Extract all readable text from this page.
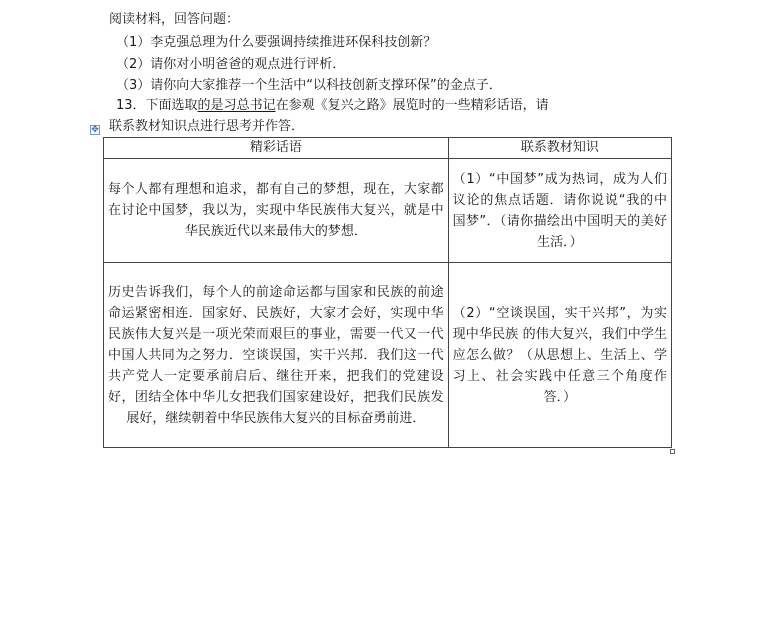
阅读材料，回答问题：
（1）李克强总理为什么要强调持续推进环保科技创新？
（2）请你对小明爸爸的观点进行评析．
（3）请你向大家推荐一个生活中“以科技创新支撑环保”的金点子．
13．下面选取的是习总书记在参观《复兴之路》展览时的一些精彩话语，请
联系教材知识点进行思考并作答．
✥
精彩话语	联系教材知识
每个人都有理想和追求，都有自己的梦想，现在，大家都在讨论中国梦，我以为，实现中华民族伟大复兴，就是中华民族近代以来最伟大的梦想．	（1）“中国梦”成为热词，成为人们议论的焦点话题．请你说说“我的中国梦”．（请你描绘出中国明天的美好生活．）
历史告诉我们，每个人的前途命运都与国家和民族的前途命运紧密相连．国家好、民族好，大家才会好，实现中华民族伟大复兴是一项光荣而艰巨的事业，需要一代又一代中国人共同为之努力．空谈误国，实干兴邦．我们这一代共产党人一定要承前启后、继往开来，把我们的党建设好，团结全体中华儿女把我们国家建设好，把我们民族发展好，继续朝着中华民族伟大复兴的目标奋勇前进．	（2）“空谈误国，实干兴邦”，为实现中华民族 的伟大复兴，我们中学生应怎么做？（从思想上、生活上、学习上、社会实践中任意三个角度作答．）
